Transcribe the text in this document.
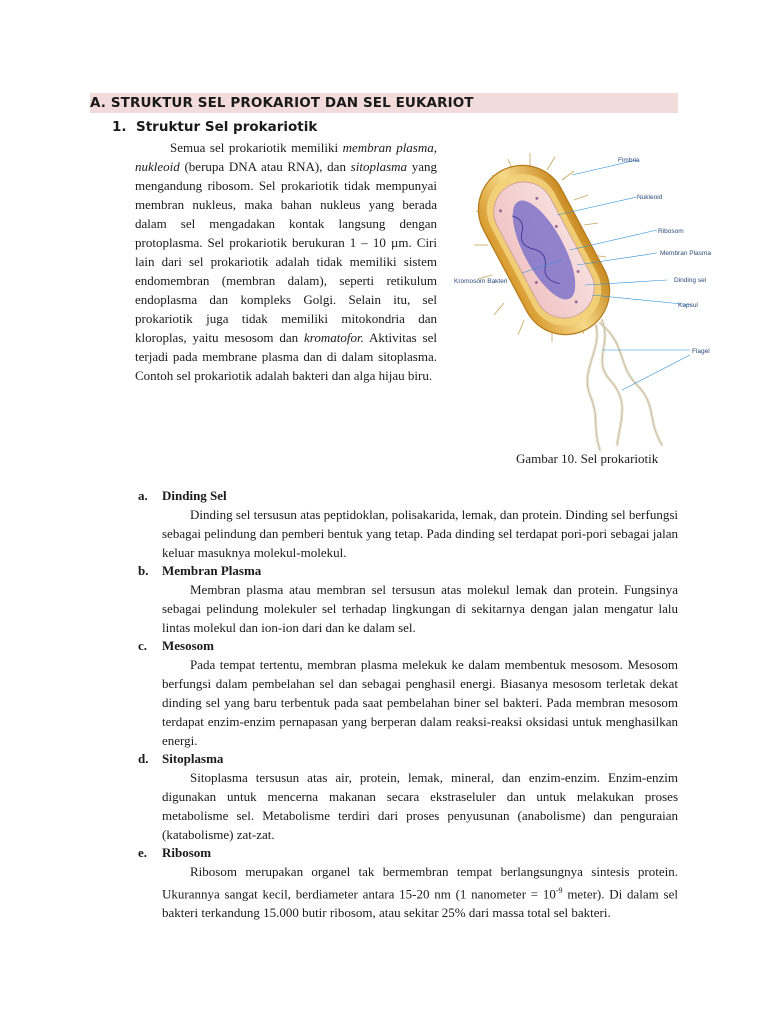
A. STRUKTUR SEL PROKARIOT DAN SEL EUKARIOT
1. Struktur Sel prokariotik

Semua sel prokariotik memiliki membran plasma, nukleoid (berupa DNA atau RNA), dan sitoplasma yang mengandung ribosom. Sel prokariotik tidak mempunyai membran nukleus, maka bahan nukleus yang berada dalam sel mengadakan kontak langsung dengan protoplasma. Sel prokariotik berukuran 1 – 10 µm. Ciri lain dari sel prokariotik adalah tidak memiliki sistem endomembran (membran dalam), seperti retikulum endoplasma dan kompleks Golgi. Selain itu, sel prokariotik juga tidak memiliki mitokondria dan kloroplas, yaitu mesosom dan kromatofor. Aktivitas sel terjadi pada membrane plasma dan di dalam sitoplasma. Contoh sel prokariotik adalah bakteri dan alga hijau biru.

Fimbria
Nukleoid
Ribosom
Membran Plasma
Dinding sel
Kapsul
Flagel
Kromosom Bakteri
Gambar 10. Sel prokariotik
a. Dinding Sel

Dinding sel tersusun atas peptidoklan, polisakarida, lemak, dan protein. Dinding sel berfungsi sebagai pelindung dan pemberi bentuk yang tetap. Pada dinding sel terdapat pori-pori sebagai jalan keluar masuknya molekul-molekul.

b. Membran Plasma

Membran plasma atau membran sel tersusun atas molekul lemak dan protein. Fungsinya sebagai pelindung molekuler sel terhadap lingkungan di sekitarnya dengan jalan mengatur lalu lintas molekul dan ion-ion dari dan ke dalam sel.

c. Mesosom

Pada tempat tertentu, membran plasma melekuk ke dalam membentuk mesosom. Mesosom berfungsi dalam pembelahan sel dan sebagai penghasil energi. Biasanya mesosom terletak dekat dinding sel yang baru terbentuk pada saat pembelahan biner sel bakteri. Pada membran mesosom terdapat enzim-enzim pernapasan yang berperan dalam reaksi-reaksi oksidasi untuk menghasilkan energi.

d. Sitoplasma

Sitoplasma tersusun atas air, protein, lemak, mineral, dan enzim-enzim. Enzim-enzim digunakan untuk mencerna makanan secara ekstraseluler dan untuk melakukan proses metabolisme sel. Metabolisme terdiri dari proses penyusunan (anabolisme) dan penguraian (katabolisme) zat-zat.

e. Ribosom

Ribosom merupakan organel tak bermembran tempat berlangsungnya sintesis protein. Ukurannya sangat kecil, berdiameter antara 15-20 nm (1 nanometer = $10^{-9}$ meter). Di dalam sel bakteri terkandung 15.000 butir ribosom, atau sekitar 25% dari massa total sel bakteri.
